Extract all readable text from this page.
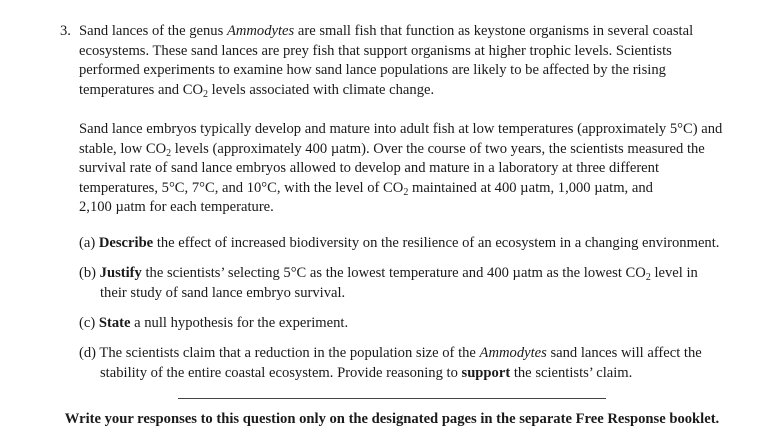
3. Sand lances of the genus Ammodytes are small fish that function as keystone organisms in several coastal
ecosystems. These sand lances are prey fish that support organisms at higher trophic levels. Scientists
performed experiments to examine how sand lance populations are likely to be affected by the rising
temperatures and $CO_2$ levels associated with climate change.
Sand lance embryos typically develop and mature into adult fish at low temperatures (approximately 5°C) and
stable, low $CO_2$ levels (approximately 400 µatm). Over the course of two years, the scientists measured the
survival rate of sand lance embryos allowed to develop and mature in a laboratory at three different
temperatures, 5°C, 7°C, and 10°C, with the level of $CO_2$ maintained at 400 µatm, 1,000 µatm, and
2,100 µatm for each temperature.
(a) Describe the effect of increased biodiversity on the resilience of an ecosystem in a changing environment.
(b) Justify the scientists’ selecting 5°C as the lowest temperature and 400 µatm as the lowest $CO_2$ level in
their study of sand lance embryo survival.
(c) State a null hypothesis for the experiment.
(d) The scientists claim that a reduction in the population size of the Ammodytes sand lances will affect the
stability of the entire coastal ecosystem. Provide reasoning to support the scientists’ claim.
Write your responses to this question only on the designated pages in the separate Free Response booklet.
